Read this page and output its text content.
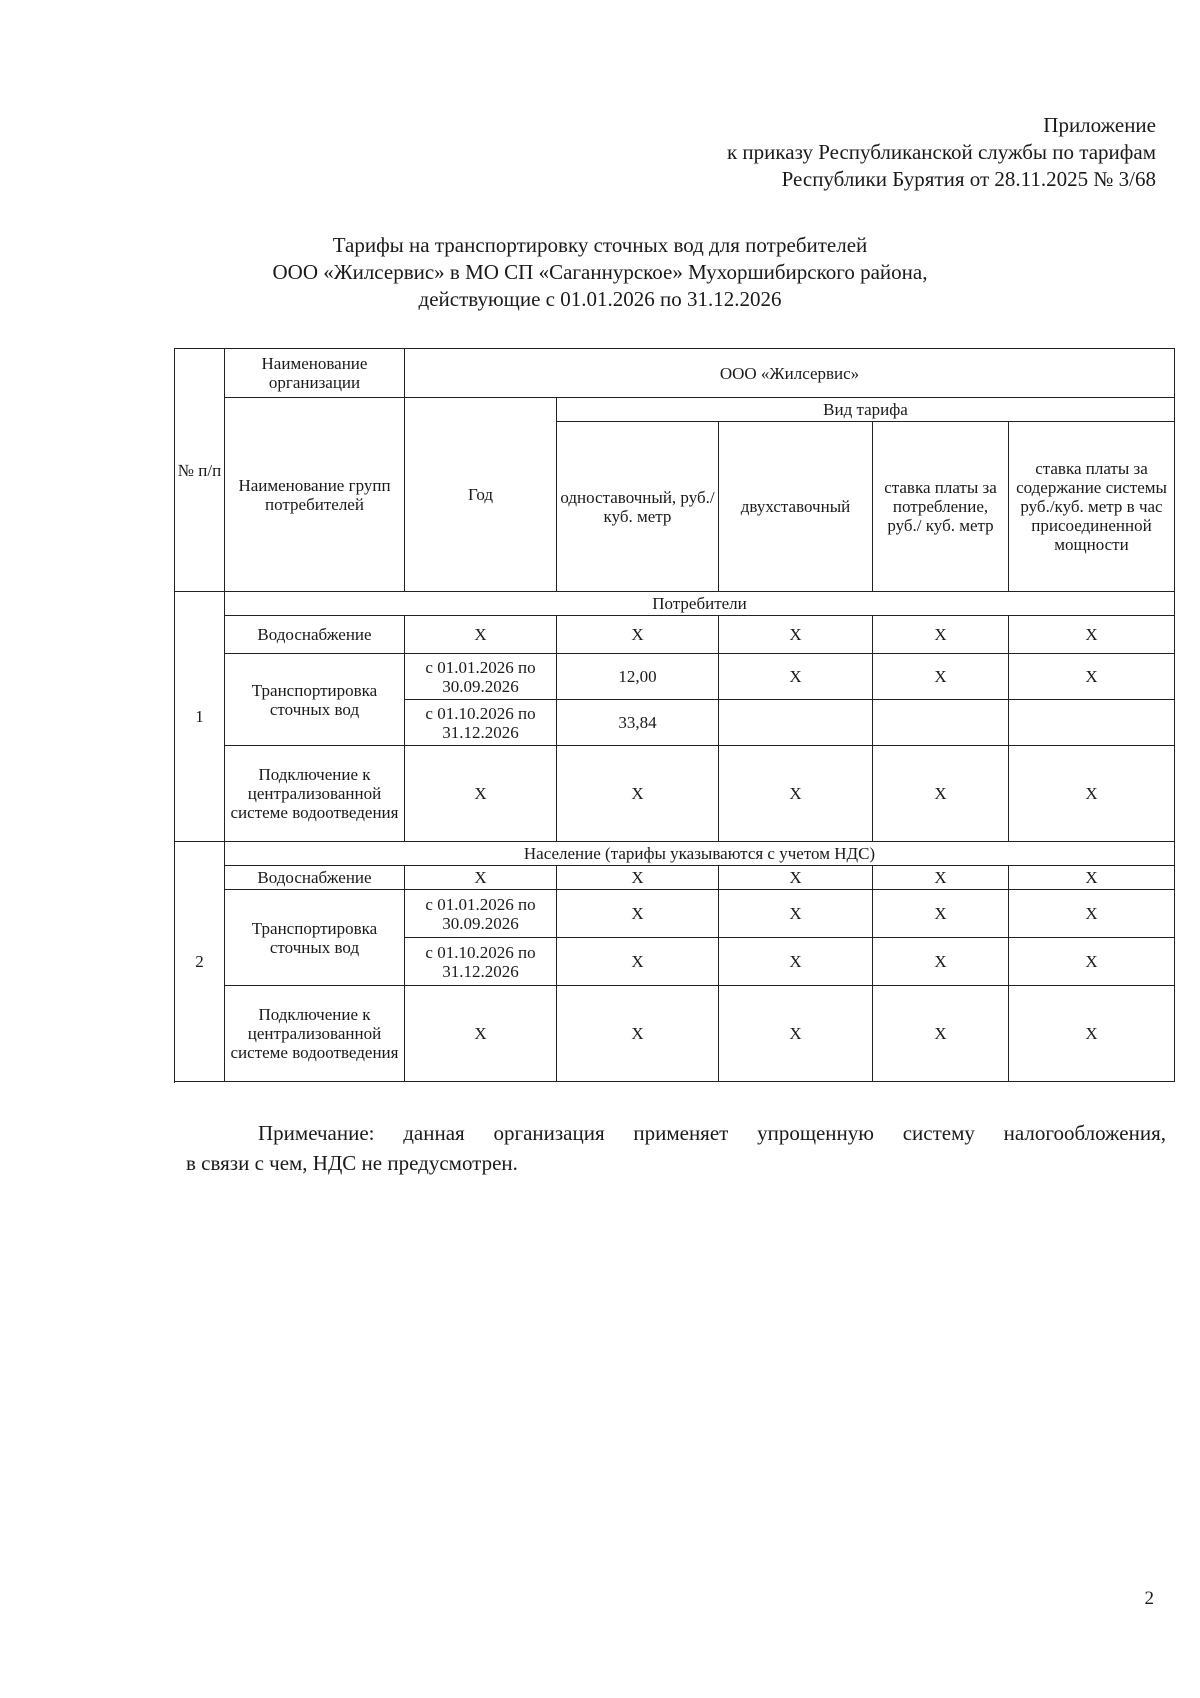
Приложение
к приказу Республиканской службы по тарифам
Республики Бурятия от 28.11.2025 № 3/68
Тарифы на транспортировку сточных вод для потребителей
ООО «Жилсервис» в МО СП «Саганнурское» Мухоршибирского района,
действующие с 01.01.2026 по 31.12.2026
№ п/п	Наименование организации	ООО «Жилсервис»				
	Наименование групп потребителей	Год	Вид тарифа			
			одноставочный, руб./ куб. метр	двухставочный	ставка платы за потребление, руб./ куб. метр	ставка платы за содержание системы руб./куб. метр в час присоединенной мощности
1	Потребители					
	Водоснабжение	X	X	X	X	X
	Транспортировка сточных вод	с 01.01.2026 по 30.09.2026	12,00	X	X	X
		с 01.10.2026 по 31.12.2026	33,84			
	Подключение к централизованной системе водоотведения	X	X	X	X	X

2	Население (тарифы указываются с учетом НДС)					
	Водоснабжение	X	X	X	X	X
	Транспортировка сточных вод	с 01.01.2026 по 30.09.2026	X	X	X	X
		с 01.10.2026 по 31.12.2026	X	X	X	X
	Подключение к централизованной системе водоотведения	X	X	X	X	X

Примечание: данная организация применяет упрощенную систему налогообложения,
в связи с чем, НДС не предусмотрен.
2
